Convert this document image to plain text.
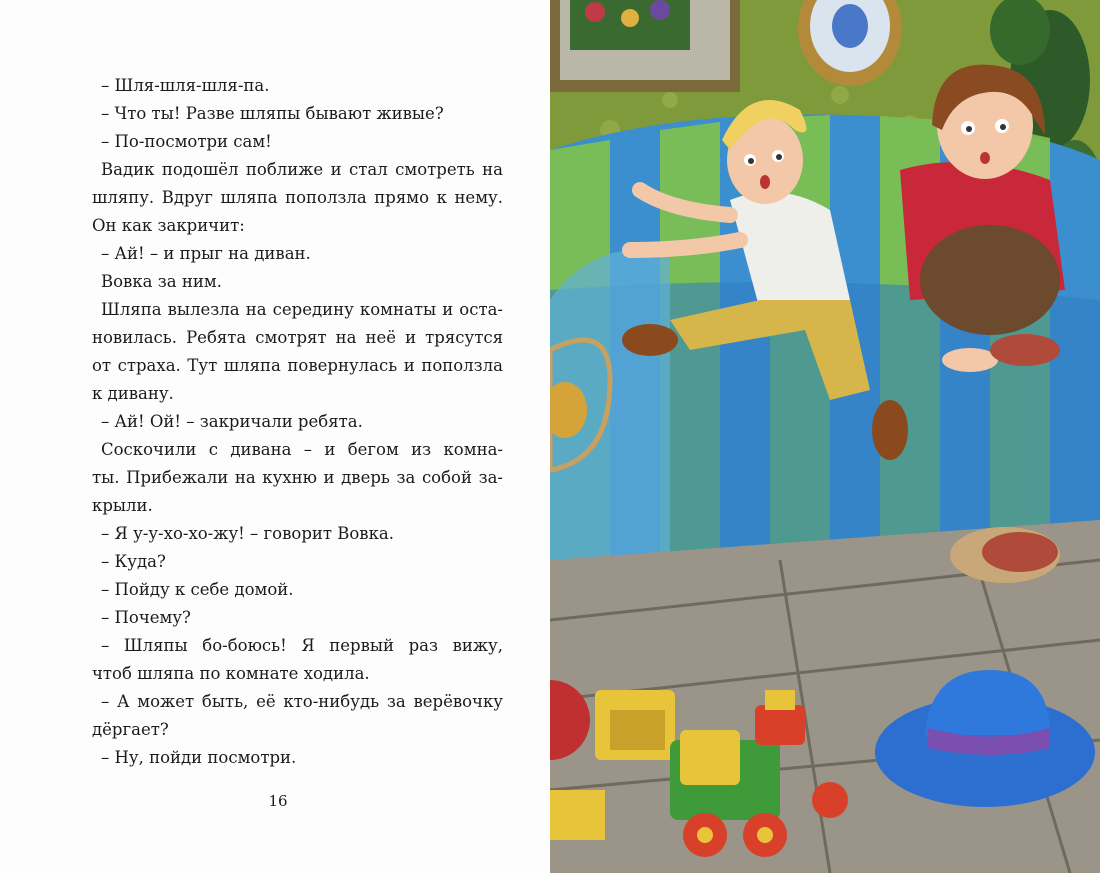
– Шля-шля-шля-па.
– Что ты! Разве шляпы бывают живые?
– По-посмотри сам!
Вадик подошёл поближе и стал смотреть на
шляпу. Вдруг шляпа поползла прямо к нему.
Он как закричит:
– Ай! – и прыг на диван.
Вовка за ним.
Шляпа вылезла на середину комнаты и оста-
новилась. Ребята смотрят на неё и трясутся
от страха. Тут шляпа повернулась и поползла
к дивану.
– Ай! Ой! – закричали ребята.
Соскочили с дивана – и бегом из комна-
ты. Прибежали на кухню и дверь за собой за-
крыли.
– Я у-у-хо-хо-жу! – говорит Вовка.
– Куда?
– Пойду к себе домой.
– Почему?
– Шляпы бо-боюсь! Я первый раз вижу,
чтоб шляпа по комнате ходила.
– А может быть, её кто-нибудь за верёвочку
дёргает?
– Ну, пойди посмотри.
16
